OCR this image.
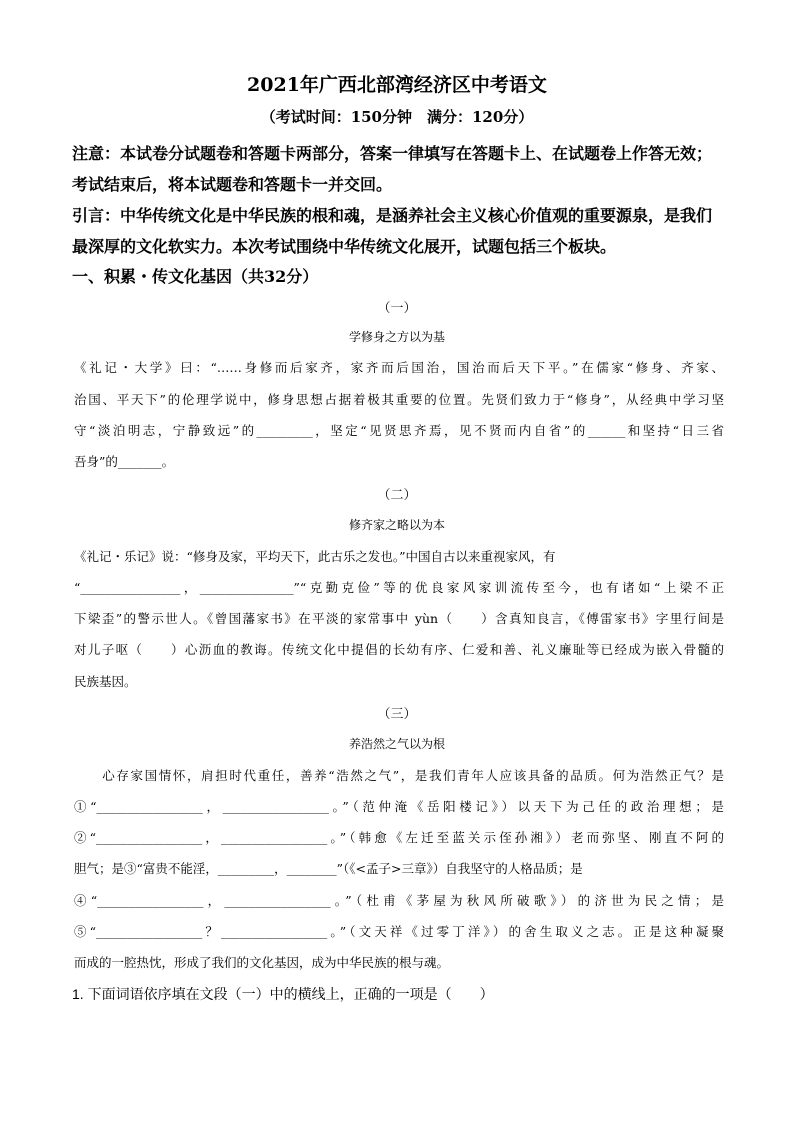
2021年广西北部湾经济区中考语文
（考试时间：150分钟　满分：120分）
注意：本试卷分试题卷和答题卡两部分，答案一律填写在答题卡上、在试题卷上作答无效；
考试结束后，将本试题卷和答题卡一并交回。
引言：中华传统文化是中华民族的根和魂，是涵养社会主义核心价值观的重要源泉，是我们
最深厚的文化软实力。本次考试围绕中华传统文化展开，试题包括三个板块。
一、积累・传文化基因（共32分）
（一）
学修身之方以为基
《礼记・大学》曰：“……身修而后家齐，家齐而后国治，国治而后天下平。”在儒家“修身、齐家、
治国、平天下”的伦理学说中，修身思想占据着极其重要的位置。先贤们致力于“修身”，从经典中学习坚
守“淡泊明志，宁静致远”的_________，坚定“见贤思齐焉，见不贤而内自省”的______和坚持“日三省
吾身”的_______。
（二）
修齐家之略以为本
《礼记・乐记》说：“修身及家，平均天下，此古乐之发也。”中国自古以来重视家风，有
“________________，_______________”“克勤克俭”等的优良家风家训流传至今，也有诸如“上梁不正
下梁歪”的警示世人。《曾国藩家书》在平淡的家常事中 yùn（　　）含真知良言，《傅雷家书》字里行间是
对儿子呕（　　）心沥血的教诲。传统文化中提倡的长幼有序、仁爱和善、礼义廉耻等已经成为嵌入骨髓的
民族基因。
（三）
养浩然之气以为根
　　心存家国情怀，肩担时代重任，善养“浩然之气”，是我们青年人应该具备的品质。何为浩然正气？是
①“_________________，_________________。”（范仲淹《岳阳楼记》）以天下为己任的政治理想；是
②“_________________，_________________。”（韩愈《左迁至蓝关示侄孙湘》）老而弥坚、刚直不阿的
胆气；是③“富贵不能淫，_________，________”（《<孟子>三章》）自我坚守的人格品质；是
④“_________________，_________________。”（杜甫《茅屋为秋风所破歌》）的济世为民之情；是
⑤“_________________？_________________。”（文天祥《过零丁洋》）的舍生取义之志。正是这种凝聚
而成的一腔热忱，形成了我们的文化基因，成为中华民族的根与魂。
1. 下面词语依序填在文段（一）中的横线上，正确的一项是（　　）
